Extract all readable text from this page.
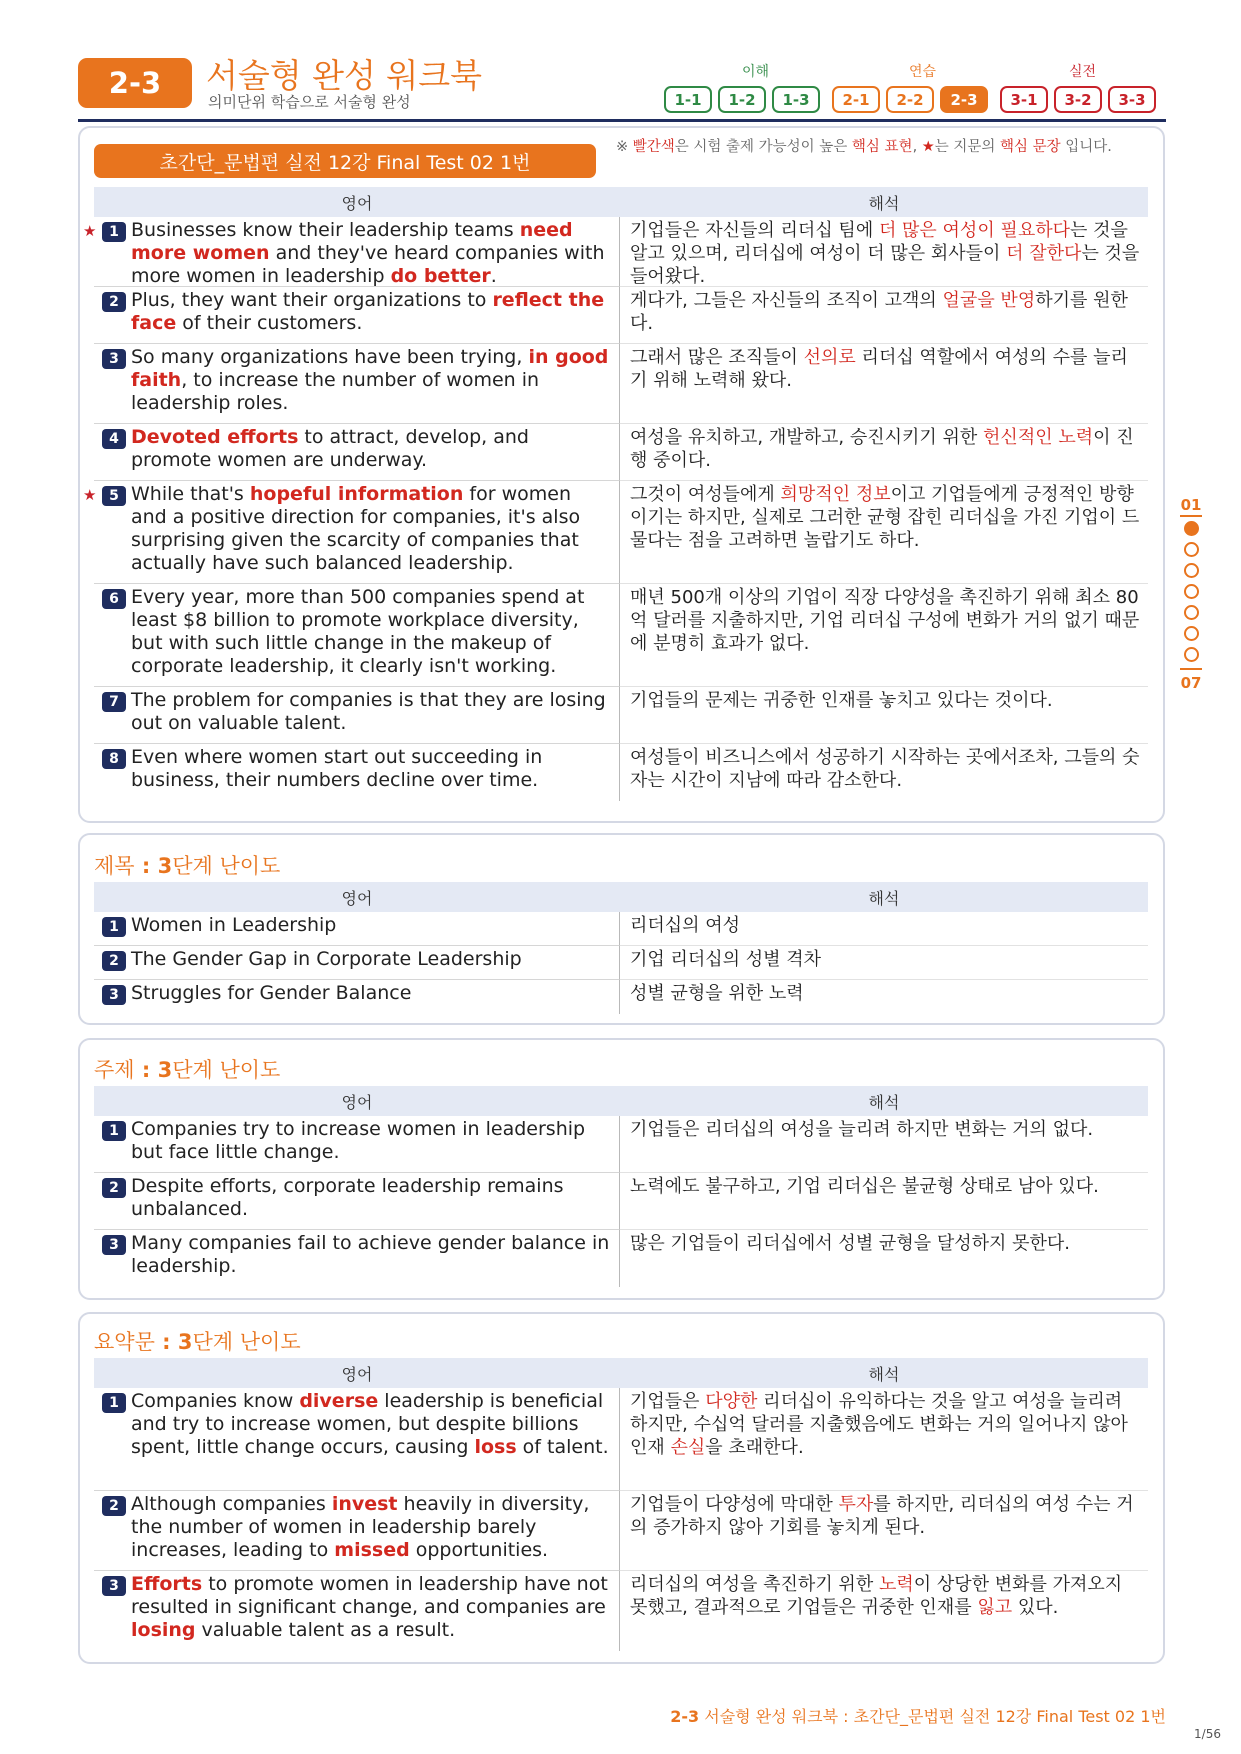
2-3	서술형 완성 워크북
의미단위 학습으로 서술형 완성
이해	연습	실전
1-1	1-2	1-3	2-1	2-2	2-3	3-1	3-2	3-3
01
07
초간단_문법편 실전 12강 Final Test 02 1번
※ 빨간색은 시험 출제 가능성이 높은 핵심 표현, ★는 지문의 핵심 문장 입니다.
영어	해석
★ 1 Businesses know their leadership teams need more women and they've heard companies with more women in leadership do better.
기업들은 자신들의 리더십 팀에 더 많은 여성이 필요하다는 것을 알고 있으며, 리더십에 여성이 더 많은 회사들이 더 잘한다는 것을 들어왔다.
2 Plus, they want their organizations to reflect the face of their customers.
게다가, 그들은 자신들의 조직이 고객의 얼굴을 반영하기를 원한다.
3 So many organizations have been trying, in good faith, to increase the number of women in leadership roles.
그래서 많은 조직들이 선의로 리더십 역할에서 여성의 수를 늘리기 위해 노력해 왔다.
4 Devoted efforts to attract, develop, and promote women are underway.
여성을 유치하고, 개발하고, 승진시키기 위한 헌신적인 노력이 진행 중이다.
★ 5 While that's hopeful information for women and a positive direction for companies, it's also surprising given the scarcity of companies that actually have such balanced leadership.
그것이 여성들에게 희망적인 정보이고 기업들에게 긍정적인 방향이기는 하지만, 실제로 그러한 균형 잡힌 리더십을 가진 기업이 드물다는 점을 고려하면 놀랍기도 하다.
6 Every year, more than 500 companies spend at least $8 billion to promote workplace diversity, but with such little change in the makeup of corporate leadership, it clearly isn't working.
매년 500개 이상의 기업이 직장 다양성을 촉진하기 위해 최소 80억 달러를 지출하지만, 기업 리더십 구성에 변화가 거의 없기 때문에 분명히 효과가 없다.
7 The problem for companies is that they are losing out on valuable talent.
기업들의 문제는 귀중한 인재를 놓치고 있다는 것이다.
8 Even where women start out succeeding in business, their numbers decline over time.
여성들이 비즈니스에서 성공하기 시작하는 곳에서조차, 그들의 숫자는 시간이 지남에 따라 감소한다.
제목 : 3단계 난이도
영어	해석
1 Women in Leadership	리더십의 여성
2 The Gender Gap in Corporate Leadership	기업 리더십의 성별 격차
3 Struggles for Gender Balance	성별 균형을 위한 노력
주제 : 3단계 난이도
영어	해석
1 Companies try to increase women in leadership but face little change.
기업들은 리더십의 여성을 늘리려 하지만 변화는 거의 없다.
2 Despite efforts, corporate leadership remains unbalanced.
노력에도 불구하고, 기업 리더십은 불균형 상태로 남아 있다.
3 Many companies fail to achieve gender balance in leadership.
많은 기업들이 리더십에서 성별 균형을 달성하지 못한다.
요약문 : 3단계 난이도
영어	해석
1 Companies know diverse leadership is beneficial and try to increase women, but despite billions spent, little change occurs, causing loss of talent.
기업들은 다양한 리더십이 유익하다는 것을 알고 여성을 늘리려 하지만, 수십억 달러를 지출했음에도 변화는 거의 일어나지 않아 인재 손실을 초래한다.
2 Although companies invest heavily in diversity, the number of women in leadership barely increases, leading to missed opportunities.
기업들이 다양성에 막대한 투자를 하지만, 리더십의 여성 수는 거의 증가하지 않아 기회를 놓치게 된다.
3 Efforts to promote women in leadership have not resulted in significant change, and companies are losing valuable talent as a result.
리더십의 여성을 촉진하기 위한 노력이 상당한 변화를 가져오지 못했고, 결과적으로 기업들은 귀중한 인재를 잃고 있다.
2-3 서술형 완성 워크북 : 초간단_문법편 실전 12강 Final Test 02 1번
1/56
